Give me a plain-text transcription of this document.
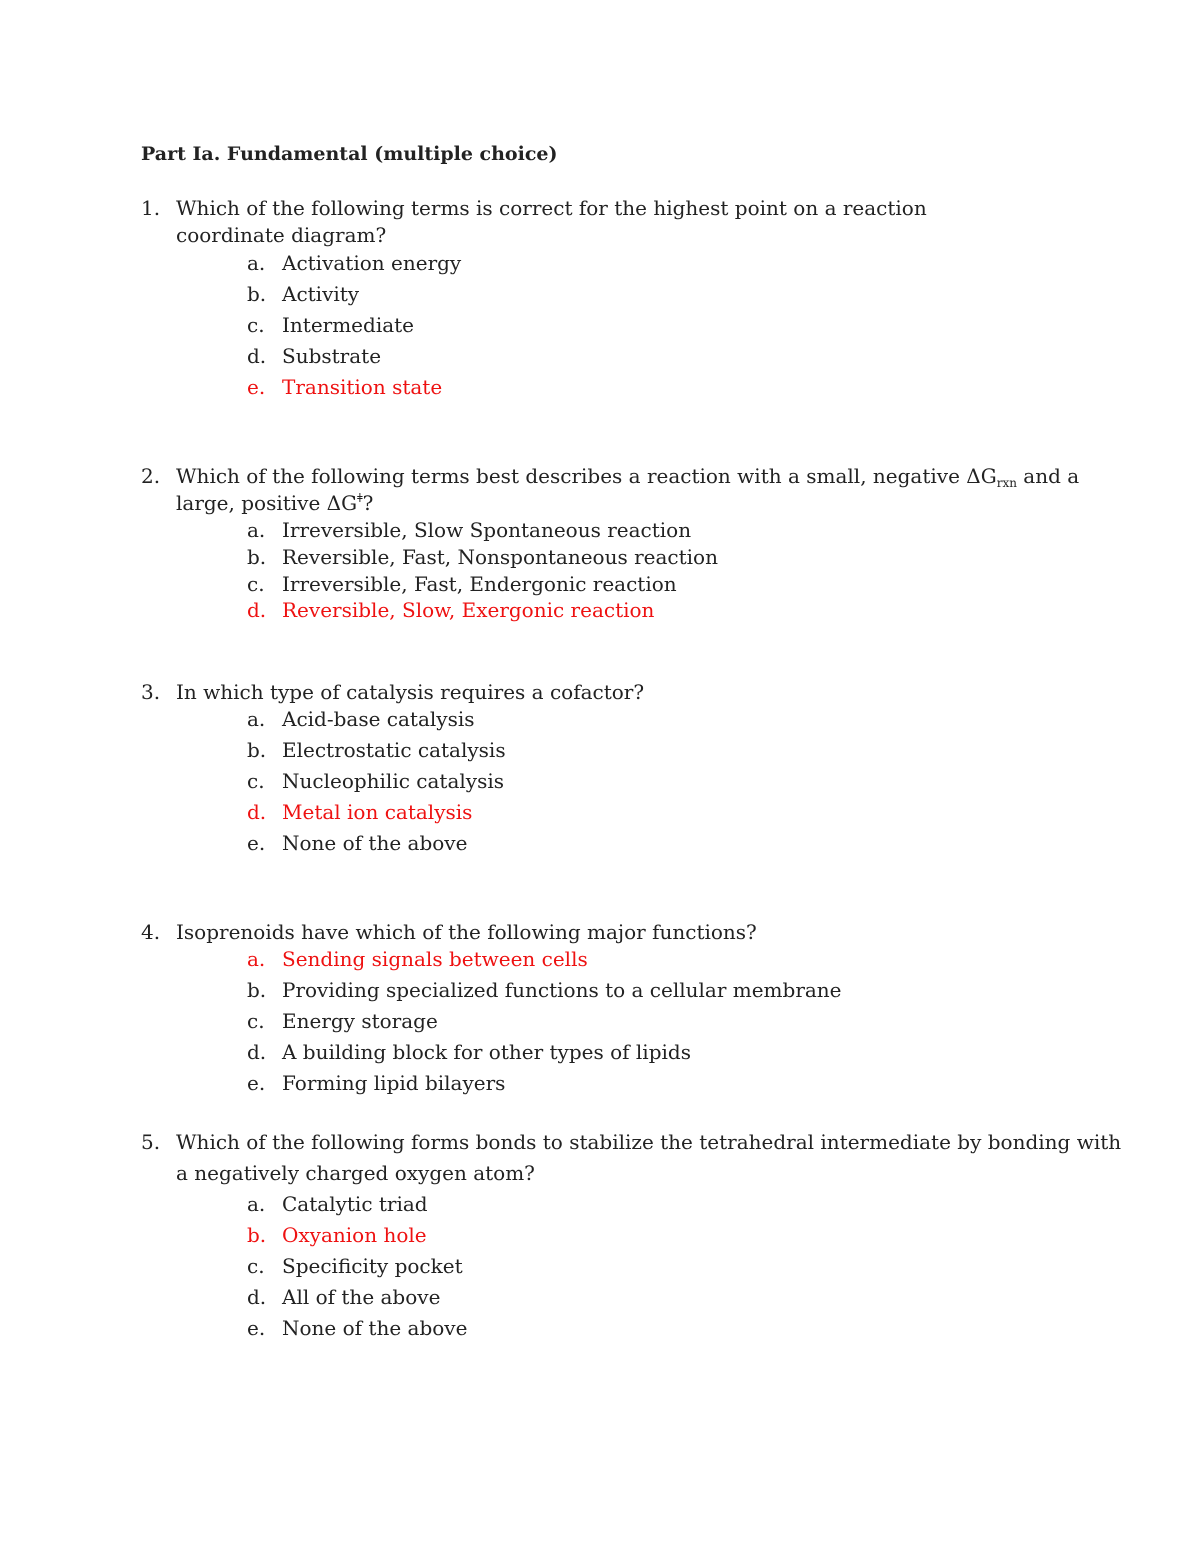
Part Ia. Fundamental (multiple choice)
1. Which of the following terms is correct for the highest point on a reaction
coordinate diagram?
a. Activation energy
b. Activity
c. Intermediate
d. Substrate
e. Transition state
2. Which of the following terms best describes a reaction with a small, negative $\Delta G_{rxn}$ and a
large, positive $\Delta G^ǂ$?
a. Irreversible, Slow Spontaneous reaction
b. Reversible, Fast, Nonspontaneous reaction
c. Irreversible, Fast, Endergonic reaction
d. Reversible, Slow, Exergonic reaction
3. In which type of catalysis requires a cofactor?
a. Acid-base catalysis
b. Electrostatic catalysis
c. Nucleophilic catalysis
d. Metal ion catalysis
e. None of the above
4. Isoprenoids have which of the following major functions?
a. Sending signals between cells
b. Providing specialized functions to a cellular membrane
c. Energy storage
d. A building block for other types of lipids
e. Forming lipid bilayers
5. Which of the following forms bonds to stabilize the tetrahedral intermediate by bonding with
a negatively charged oxygen atom?
a. Catalytic triad
b. Oxyanion hole
c. Specificity pocket
d. All of the above
e. None of the above
